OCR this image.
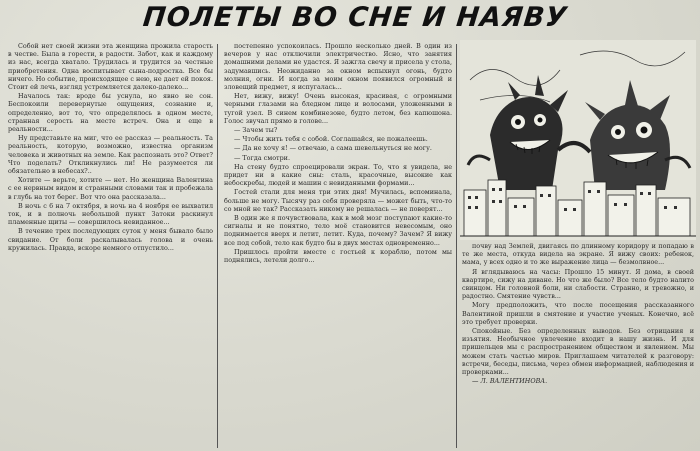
ПОЛЕТЫ ВО СНЕ И НАЯВУ

Собой нет своей жизни эта женщина прожила старость в честве. Была в горести, в радости. Забот, как и каждому из нас, всегда хватало. Трудилась и трудится за честные приобретения. Одна воспитывает сына-подростка. Все бы ничего. Но событие, происходящее с нею, не дает ей покоя. Стоит ей лечь, взгляд устремляется далеко-далеко...

Началось так: вроде бы уснула, но явно не сон. Беспокоили перевернутые ощущения, сознание и, определенно, вот то, что определялось в одном месте, странная серость на месте встреч. Она и еще в реальности...

Ну представьте на миг, что ее рассказ — реальность. Та реальность, которую, возможно, известна организм человека и животных на земле. Как распознать это? Ответ? Что поделать? Откликнулись ли! Не разумеется ли обязательно в небесах?..

Хотите — верьте, хотите — нет. Но женщина Валентина с ее нервным видом и странными словами так и пробежала в глубь на тот берег. Вот что она рассказала...

В ночь с 6 на 7 октября, в ночь на 4 ноября ее выхватил ток, и в полночь небольшой пункт Затоки раскинул пламенные щиты — совершилось невиданное...

В течение трех последующих суток у меня бывало было свидание. От боли раскалывалась голова и очень кружилась. Правда, вскоре немного отпустило...

постепенно успокоилась. Прошло несколько дней. В один из вечеров у нас отключили электричество. Ясно, что занятия домашними делами не удастся. Я зажгла свечу и присела у стола, задумавшись. Неожиданно за окном вспыхнул огонь, будто молния, огни. И когда за моим окном появился огромный и зловещий предмет, я испугалась...

Нет, вижу, вижу! Очень высокая, красивая, с огромными черными глазами на бледном лице и волосами, уложенными в тугой узел. В синем комбинезоне, будто летом, без капюшона. Голос звучал прямо в голове...

— Зачем ты?

— Чтобы жить тебя с собой. Соглашайся, не пожалеешь.

— Да не хочу я! — отвечаю, а сама шевельнуться не могу.

— Тогда смотри.

На стену будто спроецировали экран. То, что я увидела, не придет ни в какие сны: сталь, красочные, высокие как небоскребы, людей и машин с невиданными формами...

Гостей стали для меня три этих дня! Мучилась, вспоминала, больше не могу. Тысячу раз себя проверяла — может быть, что-то со мной не так? Рассказать никому не решалась — не поверят...

В один же я почувствовала, как в мой мозг поступают какие-то сигналы и не понятно, тело моё становится невесомым, оно поднимается вверх и летит, летит. Куда, почему? Зачем? Я вижу все под собой, тело как будто бы в двух местах одновременно...

Пришлось пройти вместе с гостьей к кораблю, потом мы поднялись, летели долго...

почву над Землей, двигаясь по длинному коридору и попадаю в те же места, откуда видела на экране. Я вижу своих: ребенок, мама, у всех одно и то же выражение лица — безмолвное...

Я вглядываюсь на часы: Прошло 15 минут. Я дома, в своей квартире, сижу на диване. Но что же было? Все тело будто налито свинцом. Ни головной боли, ни слабости. Странно, и тревожно, и радостно. Смятение чувств...

Могу предположить, что после посещения рассказанного Валентиной пришли в смятение и участие ученых. Конечно, всё это требует проверки.

Спокойные. Без определенных выводов. Без отрицания и изъятия. Необычное увлечение входит в нашу жизнь. И для пришельцев мы с распространением обществом и явлением. Мы можем стать частью миров. Приглашаем читателей к разговору: встречи, беседы, письма, через обмен информацией, наблюдения и проверками...

— Л. ВАЛЕНТИНОВА.
